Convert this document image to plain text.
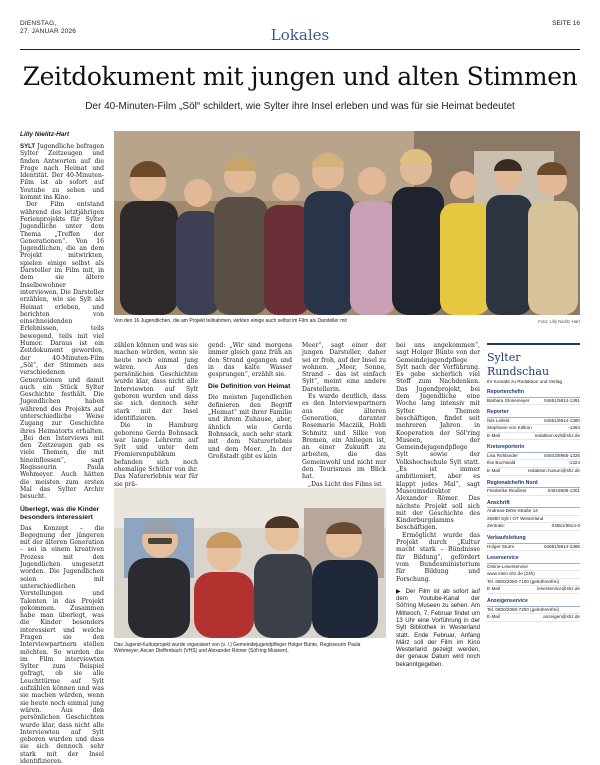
DIENSTAG,
27. JANUAR 2026	Lokales
SEITE 16
Zeitdokument mit jungen und alten Stimmen
Der 40-Minuten-Film „Söl“ schildert, wie Sylter ihre Insel erleben und was für sie Heimat bedeutet
Lilly Nielitz-Hart

SYLT Jugendliche befragen Sylter Zeitzeugen und finden Antworten auf die Frage nach Heimat und Identität. Der 40-Minuten-Film ist ab sofort auf Youtube zu sehen und kommt ins Kino.

Der Film entstand während des letztjährigen Ferienprojekts für Sylter Jugendliche unter dem Thema „Treffen der Generationen“. Von 16 Jugendlichen, die an dem Projekt mitwirkten, spielen einige selbst als Darsteller im Film mit, in dem sie ältere Inselbewohner interviewen. Die Darsteller erzählen, wie sie Sylt als Heimat erleben, und berichten von einschneidenden Erlebnissen, teils bewegend, teils mit viel Humor. Daraus ist ein Zeitdokument geworden, der 40-Minuten-Film „Söl“, der Stimmen aus verschiedenen Generationen und damit auch ein Stück Sylter Geschichte festhält. Die Jugendlichen haben während des Projekts auf unterschiedliche Weise Zugang zur Geschichte ihres Heimatorts erhalten. „Bei den Interviews mit den Zeitzeugen gab es viele Themen, die mit hineinflossen“, sagt Regisseurin Paula Wehmeyer. Auch hätten die meisten zum ersten Mal das Sylter Archiv besucht.

Überlegt, was die Kinder besonders interessiert

Das Konzept – die Begegnung der jüngeren mit der älteren Generation – sei in einem kreativen Prozess mit den Jugendlichen umgesetzt worden. Die Jugendlichen seien mit unterschiedlichen Vorstellungen und Talenten in das Projekt gekommen. Zusammen habe man überlegt, was die Kinder besonders interessiert und welche Fragen sie den Interviewpartnern stellen möchten. So wurden die im Film interviewten Sylter zum Beispiel gefragt, ob sie alle Leuchttürme auf Sylt aufzählen können und was sie machen würden, wenn sie heute noch einmal jung wären. Aus den persönlichen Geschichten wurde klar, dass nicht alle Interviewten auf Sylt geboren wurden und dass sie sich dennoch sehr stark mit der Insel identifizieren.

Von den 16 Jugendlichen, die am Projekt teilnahmen, wirkten einige auch selbst im Film als Darsteller mit	Foto: Lilly Nielitz-Hart

zählen können und was sie machen würden, wenn sie heute noch einmal jung wären. Aus den persönlichen Geschichten wurde klar, dass nicht alle Interviewten auf Sylt geboren wurden und dass sie sich dennoch sehr stark mit der Insel identifizieren.

Die in Hamburg geborene Gerda Bohnsack war lange Lehrerin auf Sylt und unter dem Premierenpublikum befanden sich noch ehemalige Schüler von ihr. Das Naturerlebnis war für sie prä-

gend: „Wir sind morgens immer gleich ganz früh an den Strand gegangen und in das kalte Wasser gesprungen“, erzählt sie.

Die Definition von Heimat

Die meisten Jugendlichen definieren den Begriff „Heimat“ mit ihrer Familie und ihrem Zuhause, aber, ähnlich wie Gerda Bohnsack, auch sehr stark mit dem Naturerlebnis und dem Meer. „In der Großstadt gibt es kein

Meer“, sagt einer der jungen Darsteller, daher sei er froh, auf der Insel zu wohnen. „Meer, Sonne, Strand – das ist einfach Sylt“, meint eine andere Darstellerin.

Es wurde deutlich, dass es den Interviewpartnern aus der älteren Generation, darunter Rosemarie Macziik, Holdi Schmitz und Silke von Bremen, ein Anliegen ist, an einer Zukunft zu arbeiten, die das Gemeinwohl und nicht nur den Tourismus im Blick hat.

„Das Licht des Films ist

bei uns angekommen“, sagt Holger Bünte von der Gemeindejugendpflege Sylt nach der Vorführung. Es gebe sicherlich viel Stoff zum Nachdenken. Das Jugendprojekt, bei dem Jugendliche eine Woche lang intensiv mit Sylter Themen beschäftigen, findet seit mehreren Jahren in Kooperation der Söl'ring Museen, der Gemeindejugendpflege Sylt sowie der Volkshochschule Sylt statt. „Es ist immer ambitioniert, aber es klappt jedes Mal“, sagt Museumsdirektor Alexander Römer. Das nächste Projekt soll sich mit der Geschichte des Kinderburgdamms beschäftigen.

Ermöglicht wurde das Projekt durch „Kultur macht stark – Bündnisse für Bildung“, gefördert vom Bundesministerium für Bildung und Forschung.

▶ Der Film ist ab sofort auf dem Youtube-Kanal der Söl'ring Museen zu sehen. Am Mittwoch, 7. Februar findet um 13 Uhr eine Vorführung in der Sylt Bibliothek in Westerland statt. Ende Februar, Anfang März soll der Film im Kino Westerland gezeigt werden, der genaue Datum wird noch bekanntgegeben.

Das Jugend-Kulturprojekt wurde organisiert von (v. l.) Gemeindejugendpfleger Holger Bünte, Regisseurin Paula Wehmeyer, Ascan Dieffenbach (VHS) und Alexander Römer (Söl'ring Museen).
Sylter Rundschau
Ihr Kontakt zu Redaktion und Verlag
Reporterchefin
Barbara Glosemeyer	04651/9814-1391
Reporter
Nils Leifeld	04651/9814-1380
Stephanie von Kölkon	-1384
E-Mail	redaktion.sylt@shz.de
Kreisreporterin
Lisa Rohlander	04843/8965-1326
Ilse Buchwald	-1324
E-Mail	redaktion.husum@shz.de
Regionalchefin Nord
Friederike Reußner	04618808-1301
Anschrift
Andreas-Dirks-Straße 14
25980 Sylt / OT Westerland
Zentrale:	04651/9814-0
Verkaufsleitung
Holger Sturm	04651/9814-2385
Leserservice
Online-Leserservice
www.mein.shz.de (24h)
Tel. 0800/2050-7100 (gebührenfrei)
E-Mail	leserservice@shz.de
Anzeigenservice
Tel. 0800/2050-7200 (gebührenfrei)
E-Mail	anzeigen@shz.de
